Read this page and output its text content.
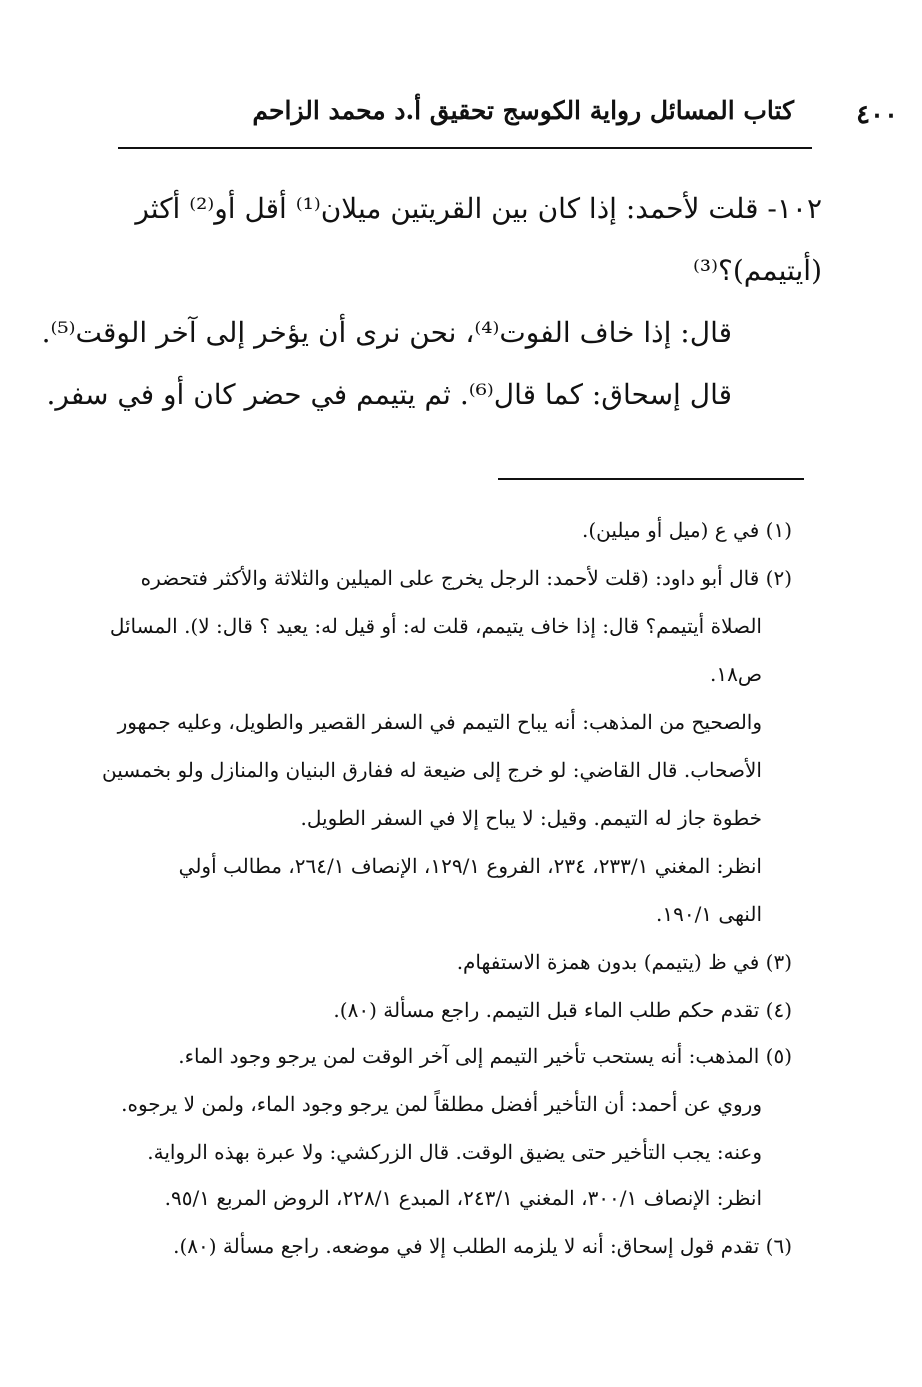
٤٠٠
كتاب المسائل رواية الكوسج تحقيق أ.د محمد الزاحم
١٠٢- قلت لأحمد: إذا كان بين القريتين ميلان⁽¹⁾ أقل أو⁽²⁾ أكثر
(أيتيمم)؟⁽³⁾
قال: إذا خاف الفوت⁽⁴⁾، نحن نرى أن يؤخر إلى آخر الوقت⁽⁵⁾.
قال إسحاق: كما قال⁽⁶⁾. ثم يتيمم في حضر كان أو في سفر.
(١) في ع (ميل أو ميلين).
(٢) قال أبو داود: (قلت لأحمد: الرجل يخرج على الميلين والثلاثة والأكثر فتحضره
الصلاة أيتيمم؟ قال: إذا خاف يتيمم، قلت له: أو قيل له: يعيد ؟ قال: لا). المسائل
ص١٨.
والصحيح من المذهب: أنه يباح التيمم في السفر القصير والطويل، وعليه جمهور
الأصحاب. قال القاضي: لو خرج إلى ضيعة له ففارق البنيان والمنازل ولو بخمسين
خطوة جاز له التيمم. وقيل: لا يباح إلا في السفر الطويل.
انظر: المغني ٢٣٣/١، ٢٣٤، الفروع ١٢٩/١، الإنصاف ٢٦٤/١، مطالب أولي
النهى ١٩٠/١.
(٣) في ظ (يتيمم) بدون همزة الاستفهام.
(٤) تقدم حكم طلب الماء قبل التيمم. راجع مسألة (٨٠).
(٥) المذهب: أنه يستحب تأخير التيمم إلى آخر الوقت لمن يرجو وجود الماء.
وروي عن أحمد: أن التأخير أفضل مطلقاً لمن يرجو وجود الماء، ولمن لا يرجوه.
وعنه: يجب التأخير حتى يضيق الوقت. قال الزركشي: ولا عبرة بهذه الرواية.
انظر: الإنصاف ٣٠٠/١، المغني ٢٤٣/١، المبدع ٢٢٨/١، الروض المربع ٩٥/١.
(٦) تقدم قول إسحاق: أنه لا يلزمه الطلب إلا في موضعه. راجع مسألة (٨٠).
